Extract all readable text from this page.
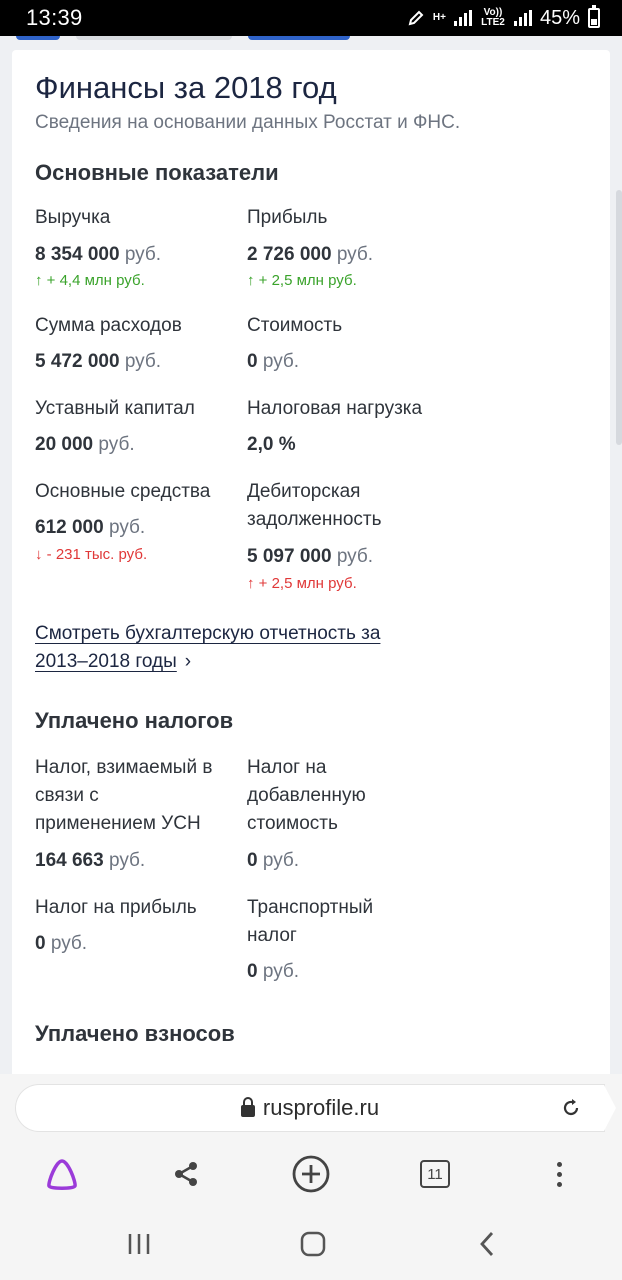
13:39	H+	Vo)) LTE2 45%
Финансы за 2018 год
Сведения на основании данных Росстат и ФНС.
Основные показатели
Выручка
8 354 000 руб.
↑ + 4,4 млн руб.
Прибыль
2 726 000 руб.
↑ + 2,5 млн руб.
Сумма расходов
5 472 000 руб.
Стоимость
0 руб.
Уставный капитал
20 000 руб.
Налоговая нагрузка
2,0 %
Основные средства
612 000 руб.
↓ - 231 тыс. руб.
Дебиторская
задолженность
5 097 000 руб.
↑ + 2,5 млн руб.
Смотреть бухгалтерскую отчетность за
2013–2018 годы ›
Уплачено налогов
Налог, взимаемый в
связи с
применением УСН
164 663 руб.
Налог на
добавленную
стоимость
0 руб.
Налог на прибыль
0 руб.
Транспортный
налог
0 руб.
Уплачено взносов
rusprofile.ru
11
